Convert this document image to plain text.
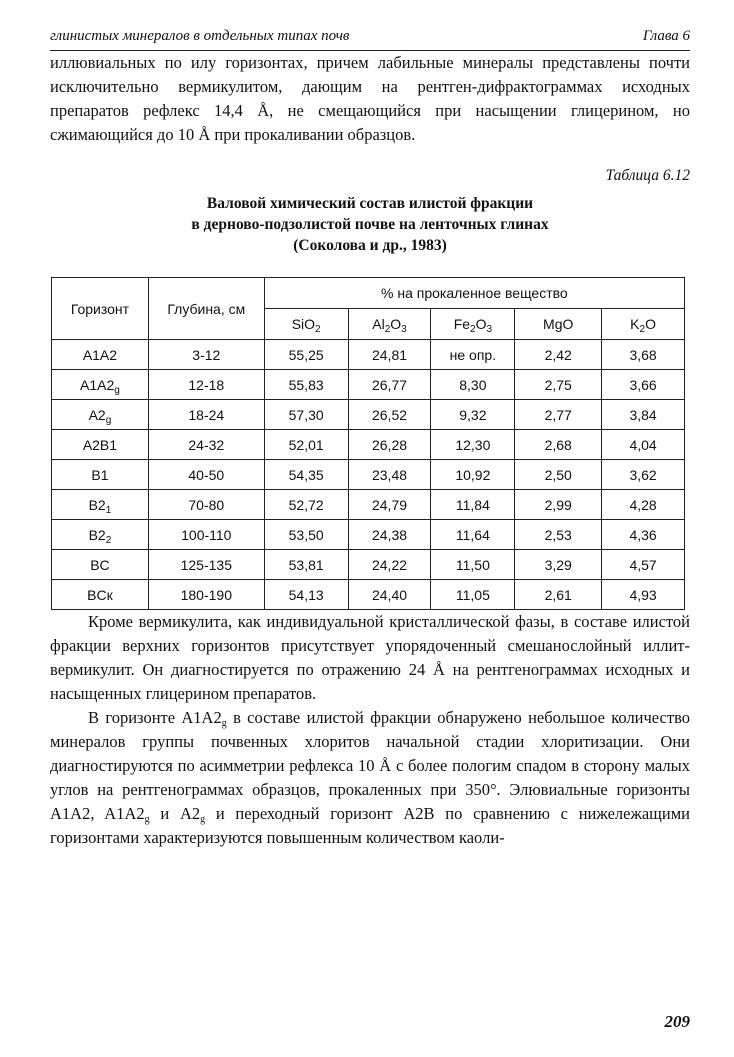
глинистых минералов в отдельных типах почв	Глава 6

иллювиальных по илу горизонтах, причем лабильные минералы представлены почти исключительно вермикулитом, дающим на рентген-дифрактограммах исходных препаратов рефлекс 14,4 Å, не смещающийся при насыщении глицерином, но сжимающийся до 10 Å при прокаливании образцов.

Таблица 6.12
Валовой химический состав илистой фракции
в дерново-подзолистой почве на ленточных глинах
(Соколова и др., 1983)
Горизонт	Глубина, см	% на прокаленное вещество				
		SiO$_2$	$Al_2O_3$	$Fe_2O_3$	MgO	$K_2O$
A1A2	3-12	55,25	24,81	не опр.	2,42	3,68
$A1A2_g$	12-18	55,83	26,77	8,30	2,75	3,66
$A2_g$	18-24	57,30	26,52	9,32	2,77	3,84
A2B1	24-32	52,01	26,28	12,30	2,68	4,04
B1	40-50	54,35	23,48	10,92	2,50	3,62
$B2_1$	70-80	52,72	24,79	11,84	2,99	4,28
$B2_2$	100-110	53,50	24,38	11,64	2,53	4,36
BC	125-135	53,81	24,22	11,50	3,29	4,57
BCк	180-190	54,13	24,40	11,05	2,61	4,93

Кроме вермикулита, как индивидуальной кристаллической фазы, в составе илистой фракции верхних горизонтов присутствует упорядоченный смешанослойный иллит-вермикулит. Он диагностируется по отражению 24 Å на рентгенограммах исходных и насыщенных глицерином препаратов.

В горизонте $A1A2_g$ в составе илистой фракции обнаружено небольшое количество минералов группы почвенных хлоритов начальной стадии хлоритизации. Они диагностируются по асимметрии рефлекса 10 Å с более пологим спадом в сторону малых углов на рентгенограммах образцов, прокаленных при 350°. Элювиальные горизонты A1A2, $A1A2_g$ и $A2_g$ и переходный горизонт A2B по сравнению с нижележащими горизонтами характеризуются повышенным количеством каоли-

209
